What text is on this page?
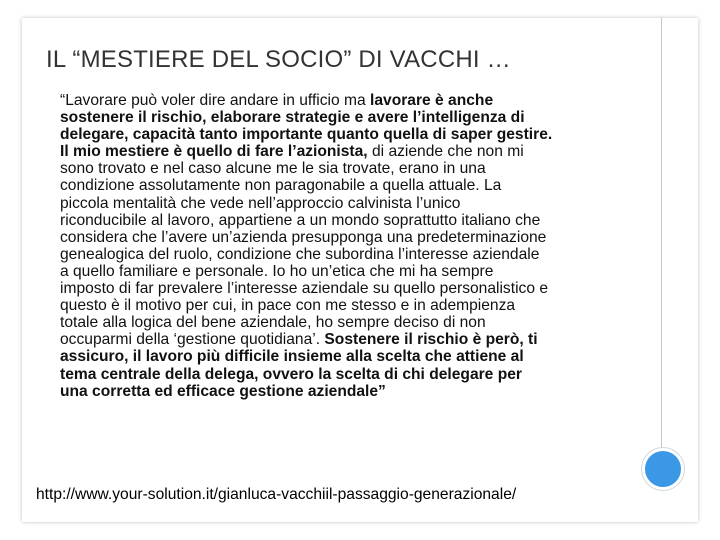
IL “MESTIERE DEL SOCIO” DI VACCHI …
“Lavorare può voler dire andare in ufficio ma lavorare è anche
sostenere il rischio, elaborare strategie e avere l’intelligenza di
delegare, capacità tanto importante quanto quella di saper gestire.
Il mio mestiere è quello di fare l’azionista, di aziende che non mi
sono trovato e nel caso alcune me le sia trovate, erano in una
condizione assolutamente non paragonabile a quella attuale. La
piccola mentalità che vede nell’approccio calvinista l’unico
riconducibile al lavoro, appartiene a un mondo soprattutto italiano che
considera che l’avere un’azienda presupponga una predeterminazione
genealogica del ruolo, condizione che subordina l’interesse aziendale
a quello familiare e personale. Io ho un’etica che mi ha sempre
imposto di far prevalere l’interesse aziendale su quello personalistico e
questo è il motivo per cui, in pace con me stesso e in adempienza
totale alla logica del bene aziendale, ho sempre deciso di non
occuparmi della ‘gestione quotidiana’. Sostenere il rischio è però, ti
assicuro, il lavoro più difficile insieme alla scelta che attiene al
tema centrale della delega, ovvero la scelta di chi delegare per
una corretta ed efficace gestione aziendale”
http://www.your-solution.it/gianluca-vacchiil-passaggio-generazionale/
